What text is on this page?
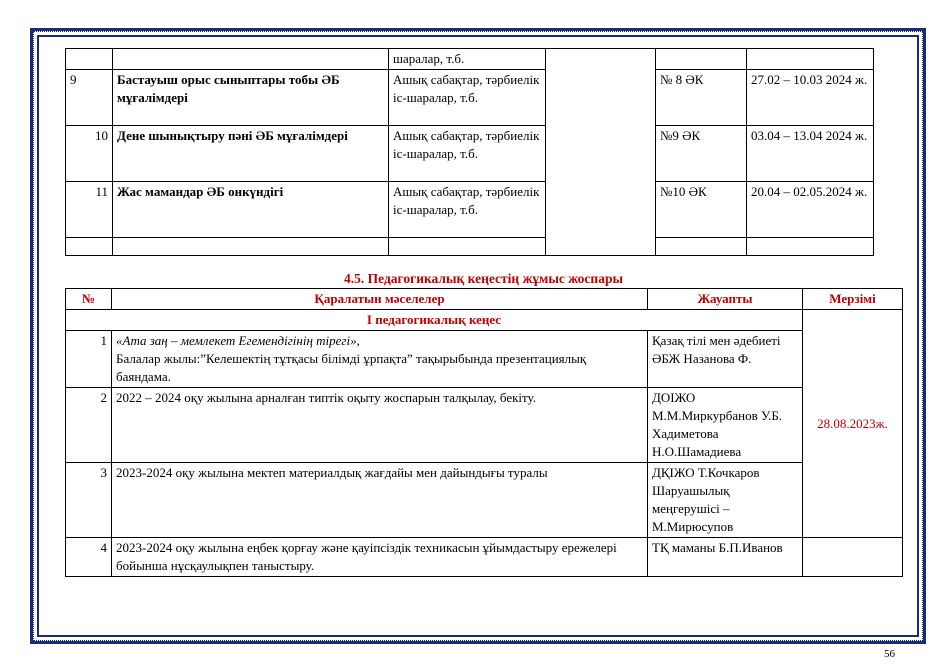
		шаралар, т.б.			
9	Бастауыш орыс сыныптары тобы ӘБ мұғалімдері	Ашық сабақтар, тәрбиелік іс-шаралар, т.б.		№ 8 ӘК	27.02 – 10.03 2024 ж.
10	Дене шынықтыру пәні ӘБ мұғалімдері	Ашық сабақтар, тәрбиелік іс-шаралар, т.б.		№9 ӘК	03.04 – 13.04 2024 ж.
11	Жас мамандар ӘБ онкүндігі	Ашық сабақтар, тәрбиелік іс-шаралар, т.б.		№10 ӘК	20.04 – 02.05.2024 ж.

4.5. Педагогикалық кеңестің жұмыс жоспары
№	Қаралатын мәселелер	Жауапты	Мерзімі
І педагогикалық кеңес			28.08.2023ж.
1	«Ата заң – мемлекет Егемендігінің тірегі»,
Балалар жылы:”Келешектің тұтқасы білімді ұрпақта” тақырыбында презентациялық баяндама.	Қазақ тілі мен әдебиеті ӘБЖ Назанова Ф.	
2	2022 – 2024 оқу жылына арналған типтік оқыту жоспарын талқылау, бекіту.	ДОІЖО М.М.Миркурбанов У.Б. Хадиметова Н.О.Шамадиева	
3	2023-2024 оқу жылына мектеп материалдық жағдайы мен дайындығы туралы	ДҚІЖО Т.Кочкаров Шаруашылық меңгерушісі – М.Мирюсупов	
4	2023-2024 оқу жылына еңбек қорғау және қауіпсіздік техникасын ұйымдастыру ережелері бойынша нұсқаулықпен таныстыру.	ТҚ маманы Б.П.Иванов	
56
